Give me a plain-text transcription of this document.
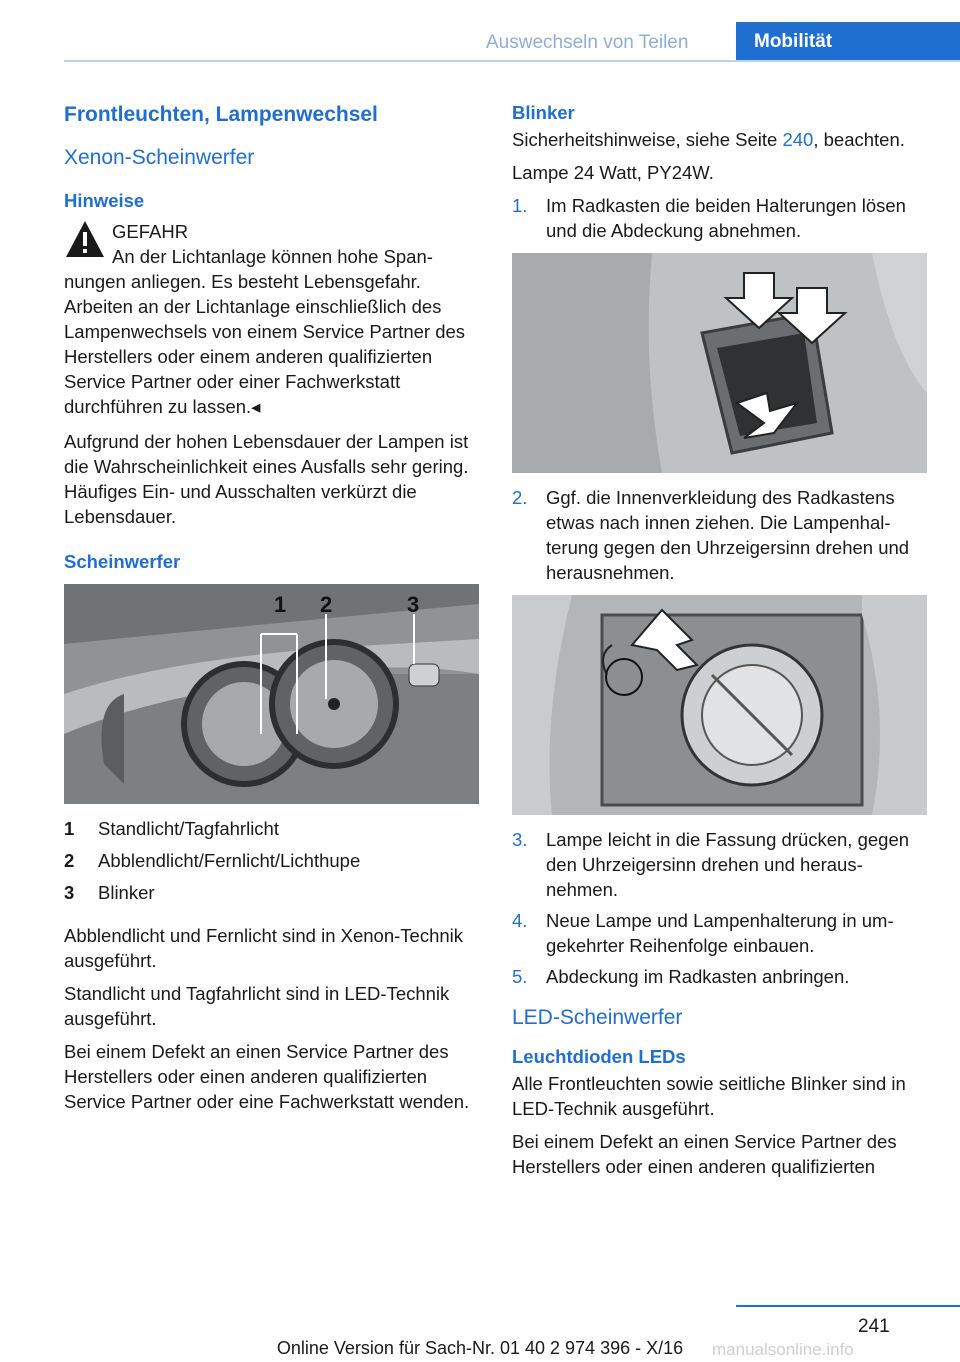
Auswechseln von Teilen	Mobilität
Frontleuchten, Lampenwechsel
Xenon-Scheinwerfer
Hinweise
GEFAHR
An der Lichtanlage können hohe Span-

nungen anliegen. Es besteht Lebensgefahr. Arbeiten an der Lichtanlage einschließlich des Lampenwechsels von einem Service Partner des Herstellers oder einem anderen qualifizierten Service Partner oder einer Fachwerkstatt durchführen zu lassen.◂

Aufgrund der hohen Lebensdauer der Lampen ist die Wahrscheinlichkeit eines Ausfalls sehr gering. Häufiges Ein- und Ausschalten verkürzt die Lebensdauer.

Scheinwerfer
1 2	3
1	Standlicht/Tagfahrlicht
2	Abblendlicht/Fernlicht/Lichthupe
3	Blinker

Abblendlicht und Fernlicht sind in Xenon-Technik ausgeführt.

Standlicht und Tagfahrlicht sind in LED-Technik ausgeführt.

Bei einem Defekt an einen Service Partner des Herstellers oder einen anderen qualifizierten Service Partner oder eine Fachwerkstatt wenden.

Blinker

Sicherheitshinweise, siehe Seite 240, beachten.

Lampe 24 Watt, PY24W.

1.	Im Radkasten die beiden Halterungen lösen und die Abdeckung abnehmen.
2.	Ggf. die Innenverkleidung des Radkastens etwas nach innen ziehen. Die Lampenhalterung gegen den Uhrzeigersinn drehen und herausnehmen.
3.	Lampe leicht in die Fassung drücken, gegen den Uhrzeigersinn drehen und herausnehmen.
4.	Neue Lampe und Lampenhalterung in umgekehrter Reihenfolge einbauen.
5.	Abdeckung im Radkasten anbringen.
LED-Scheinwerfer
Leuchtdioden LEDs

Alle Frontleuchten sowie seitliche Blinker sind in LED-Technik ausgeführt.

Bei einem Defekt an einen Service Partner des Herstellers oder einen anderen qualifizierten

241
Online Version für Sach-Nr. 01 40 2 974 396 - X/16	manualsonline.info
